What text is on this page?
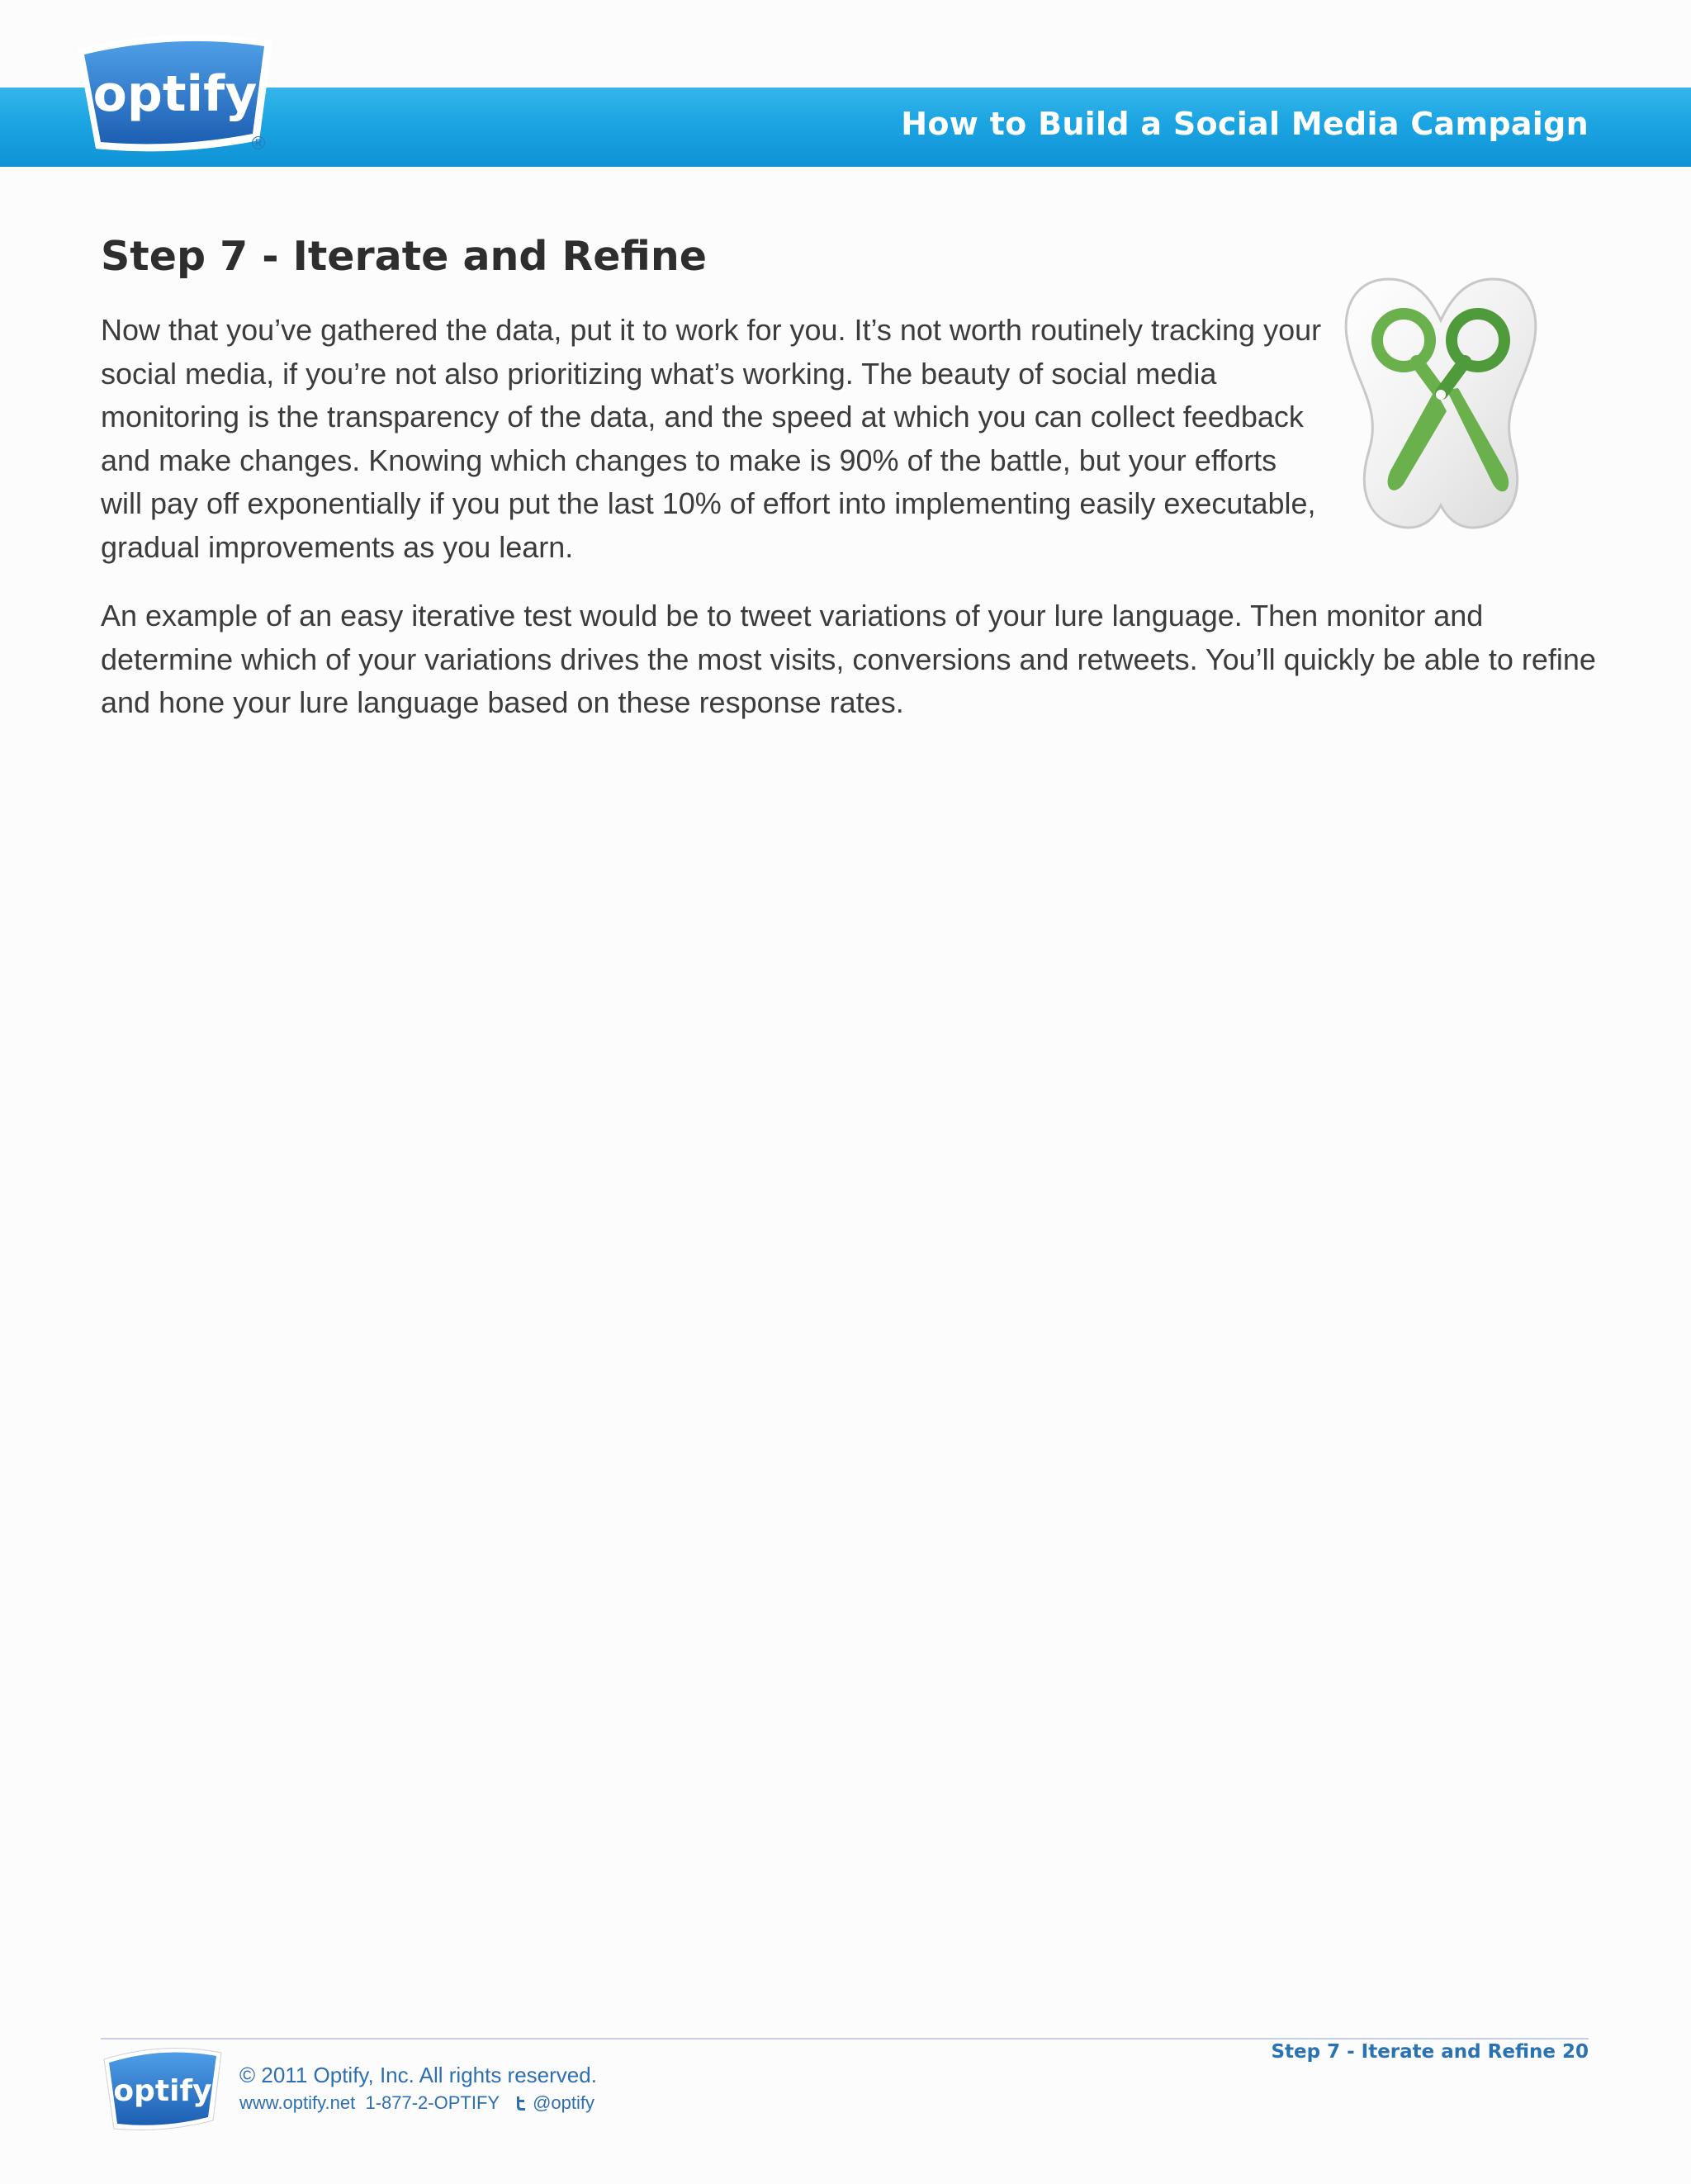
optify
®
How to Build a Social Media Campaign
Step 7 - Iterate and Refine

Now that you’ve gathered the data, put it to work for you. It’s not worth routinely tracking your social media, if you’re not also prioritizing what’s working. The beauty of social media monitoring is the transparency of the data, and the speed at which you can collect feedback and make changes. Knowing which changes to make is 90% of the battle, but your efforts will pay off exponentially if you put the last 10% of effort into implementing easily executable, gradual improvements as you learn.

An example of an easy iterative test would be to tweet variations of your lure language. Then monitor and determine which of your variations drives the most visits, conversions and retweets. You’ll quickly be able to refine and hone your lure language based on these response rates.

Step 7 - Iterate and Refine 20
optify © 2011 Optify, Inc. All rights reserved.
www.optify.net
1-877-2-OPTIFY @optify
